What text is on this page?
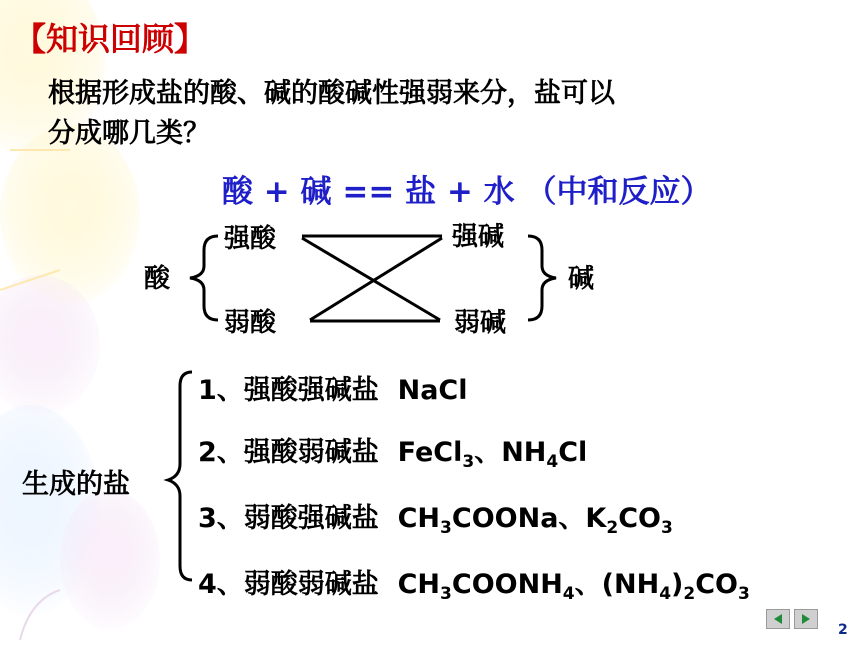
【知识回顾】
根据形成盐的酸、碱的酸碱性强弱来分，盐可以
分成哪几类？
酸 + 碱 == 盐 + 水 （中和反应）
酸
强酸
弱酸
强碱
弱碱
碱
生成的盐
1、强酸强碱盐 NaCl
2、强酸弱碱盐 FeCl$_3$、$NH_4Cl$
3、弱酸强碱盐 $CH_3COONa$、$K_2CO_3$
4、弱酸弱碱盐 $CH_3COONH_4$、$(NH_4)_2CO_3$
2
